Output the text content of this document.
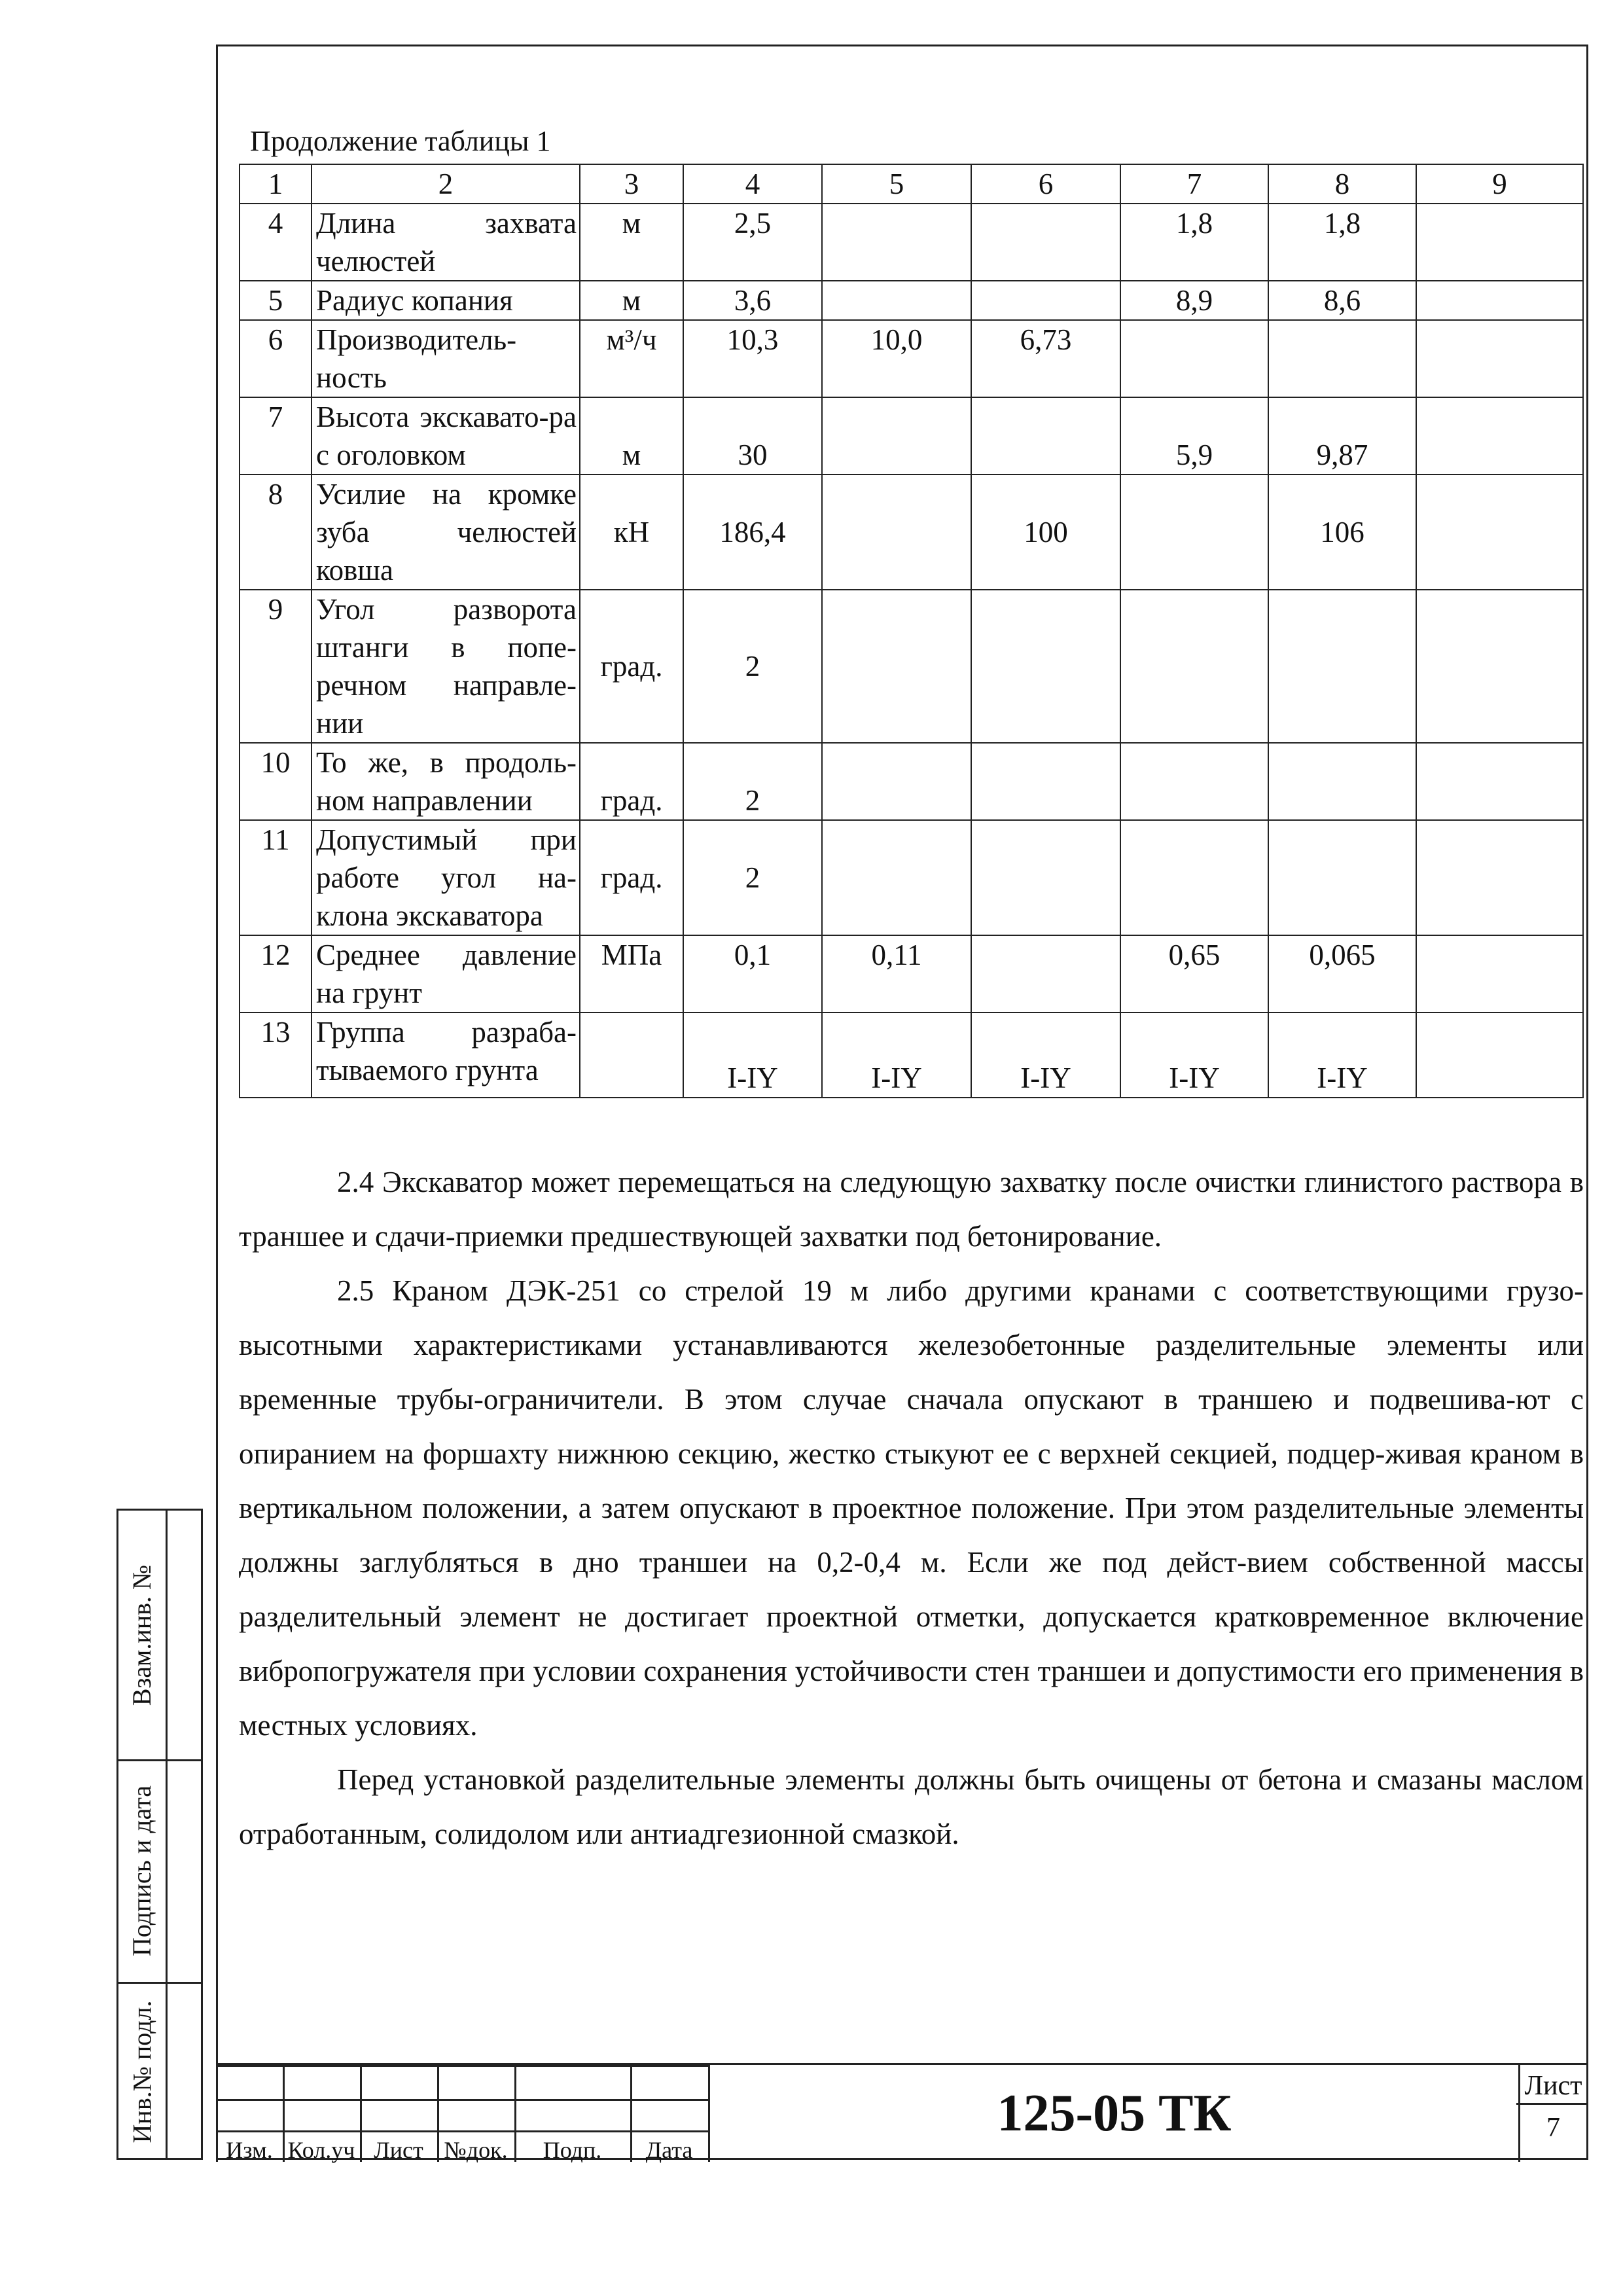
Продолжение таблицы 1
1	2	3	4	5	6	7	8	9
4	Длина захвата челюстей	м	2,5			1,8	1,8	
5	Радиус копания	м	3,6			8,9	8,6	
6	Производитель-ность	м³/ч	10,3	10,0	6,73			
7	Высота экскавато-ра с оголовком	м	30			5,9	9,87	
8	Усилие на кромке зуба челюстей ковша	кН	186,4		100		106	
9	Угол разворота штанги в попе-речном направле-нии	град.	2					
10	То же, в продоль-ном направлении	град.	2					
11	Допустимый при работе угол на-клона экскаватора	град.	2					
12	Среднее давление на грунт	МПа	0,1	0,11		0,65	0,065	
13	Группа разраба-тываемого грунта		I-IY	I-IY	I-IY	I-IY	I-IY	

2.4 Экскаватор может перемещаться на следующую захватку после очистки глинистого раствора в траншее и сдачи-приемки предшествующей захватки под бетонирование.

2.5 Краном ДЭК-251 со стрелой 19 м либо другими кранами с соответствующими грузо-высотными характеристиками устанавливаются железобетонные разделительные элементы или временные трубы-ограничители. В этом случае сначала опускают в траншею и подвешива-ют с опиранием на форшахту нижнюю секцию, жестко стыкуют ее с верхней секцией, подцер-живая краном в вертикальном положении, а затем опускают в проектное положение. При этом разделительные элементы должны заглубляться в дно траншеи на 0,2-0,4 м. Если же под дейст-вием собственной массы разделительный элемент не достигает проектной отметки, допускается кратковременное включение вибропогружателя при условии сохранения устойчивости стен траншеи и допустимости его применения в местных условиях.

Перед установкой разделительные элементы должны быть очищены от бетона и смазаны маслом отработанным, солидолом или антиадгезионной смазкой.

Взам.инв. №
Подпись и дата
Инв.№ подл.
Изм. Кол.уч Лист №док.	Подп.	Дата
125-05 ТК	Лист
7
